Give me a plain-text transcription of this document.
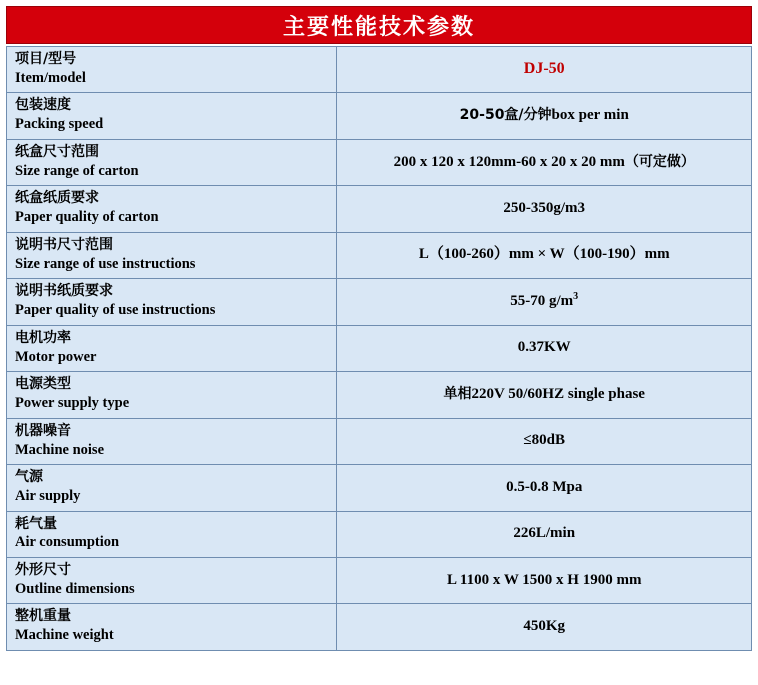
主要性能技术参数
项目/型号
Item/model	DJ-50

包装速度
Packing speed	20-50盒/分钟box per min

纸盒尺寸范围
Size range of carton	200 x 120 x 120mm-60 x 20 x 20 mm（可定做）

纸盒纸质要求
Paper quality of carton	250-350g/m3

说明书尺寸范围
Size range of use instructions	L（100-260）mm × W（100-190）mm

说明书纸质要求
Paper quality of use instructions	55-70 $g/m^3$

电机功率
Motor power	0.37KW

电源类型
Power supply type	单相220V 50/60HZ single phase

机器噪音
Machine noise	≤80dB

气源
Air supply	0.5-0.8 Mpa

耗气量
Air consumption	226L/min

外形尺寸
Outline dimensions	L 1100 x W 1500 x H 1900 mm

整机重量
Machine weight	450Kg
